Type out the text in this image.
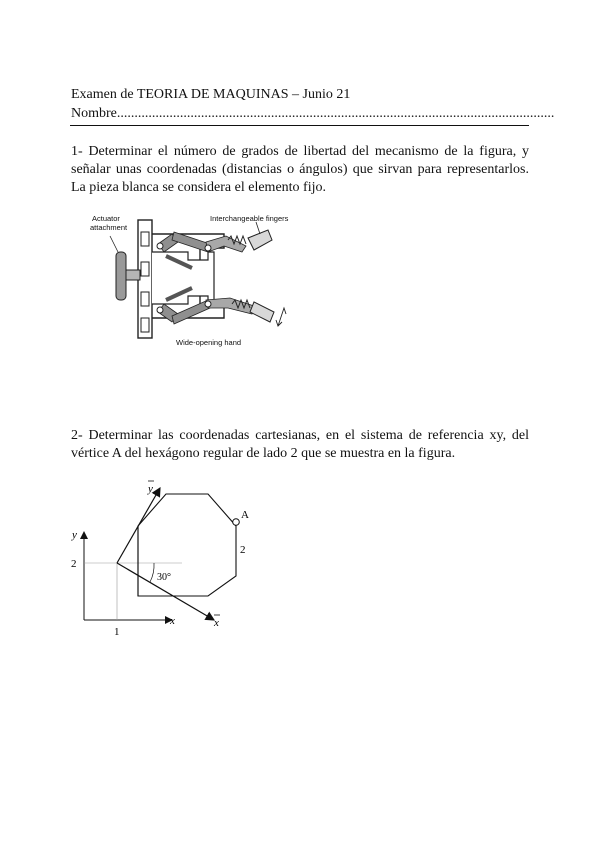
Examen de TEORIA DE MAQUINAS – Junio 21
Nombre.............................................................................................................................
1- Determinar el número de grados de libertad del mecanismo de la figura, y señalar unas coordenadas (distancias o ángulos) que sirvan para representarlos. La pieza blanca se considera el elemento fijo.
Actuator
attachment
Interchangeable fingers
Wide-opening hand
2- Determinar las coordenadas cartesianas, en el sistema de referencia xy, del vértice A del hexágono regular de lado 2 que se muestra en la figura.
y
x
y
x
A
2
30°
2
1
